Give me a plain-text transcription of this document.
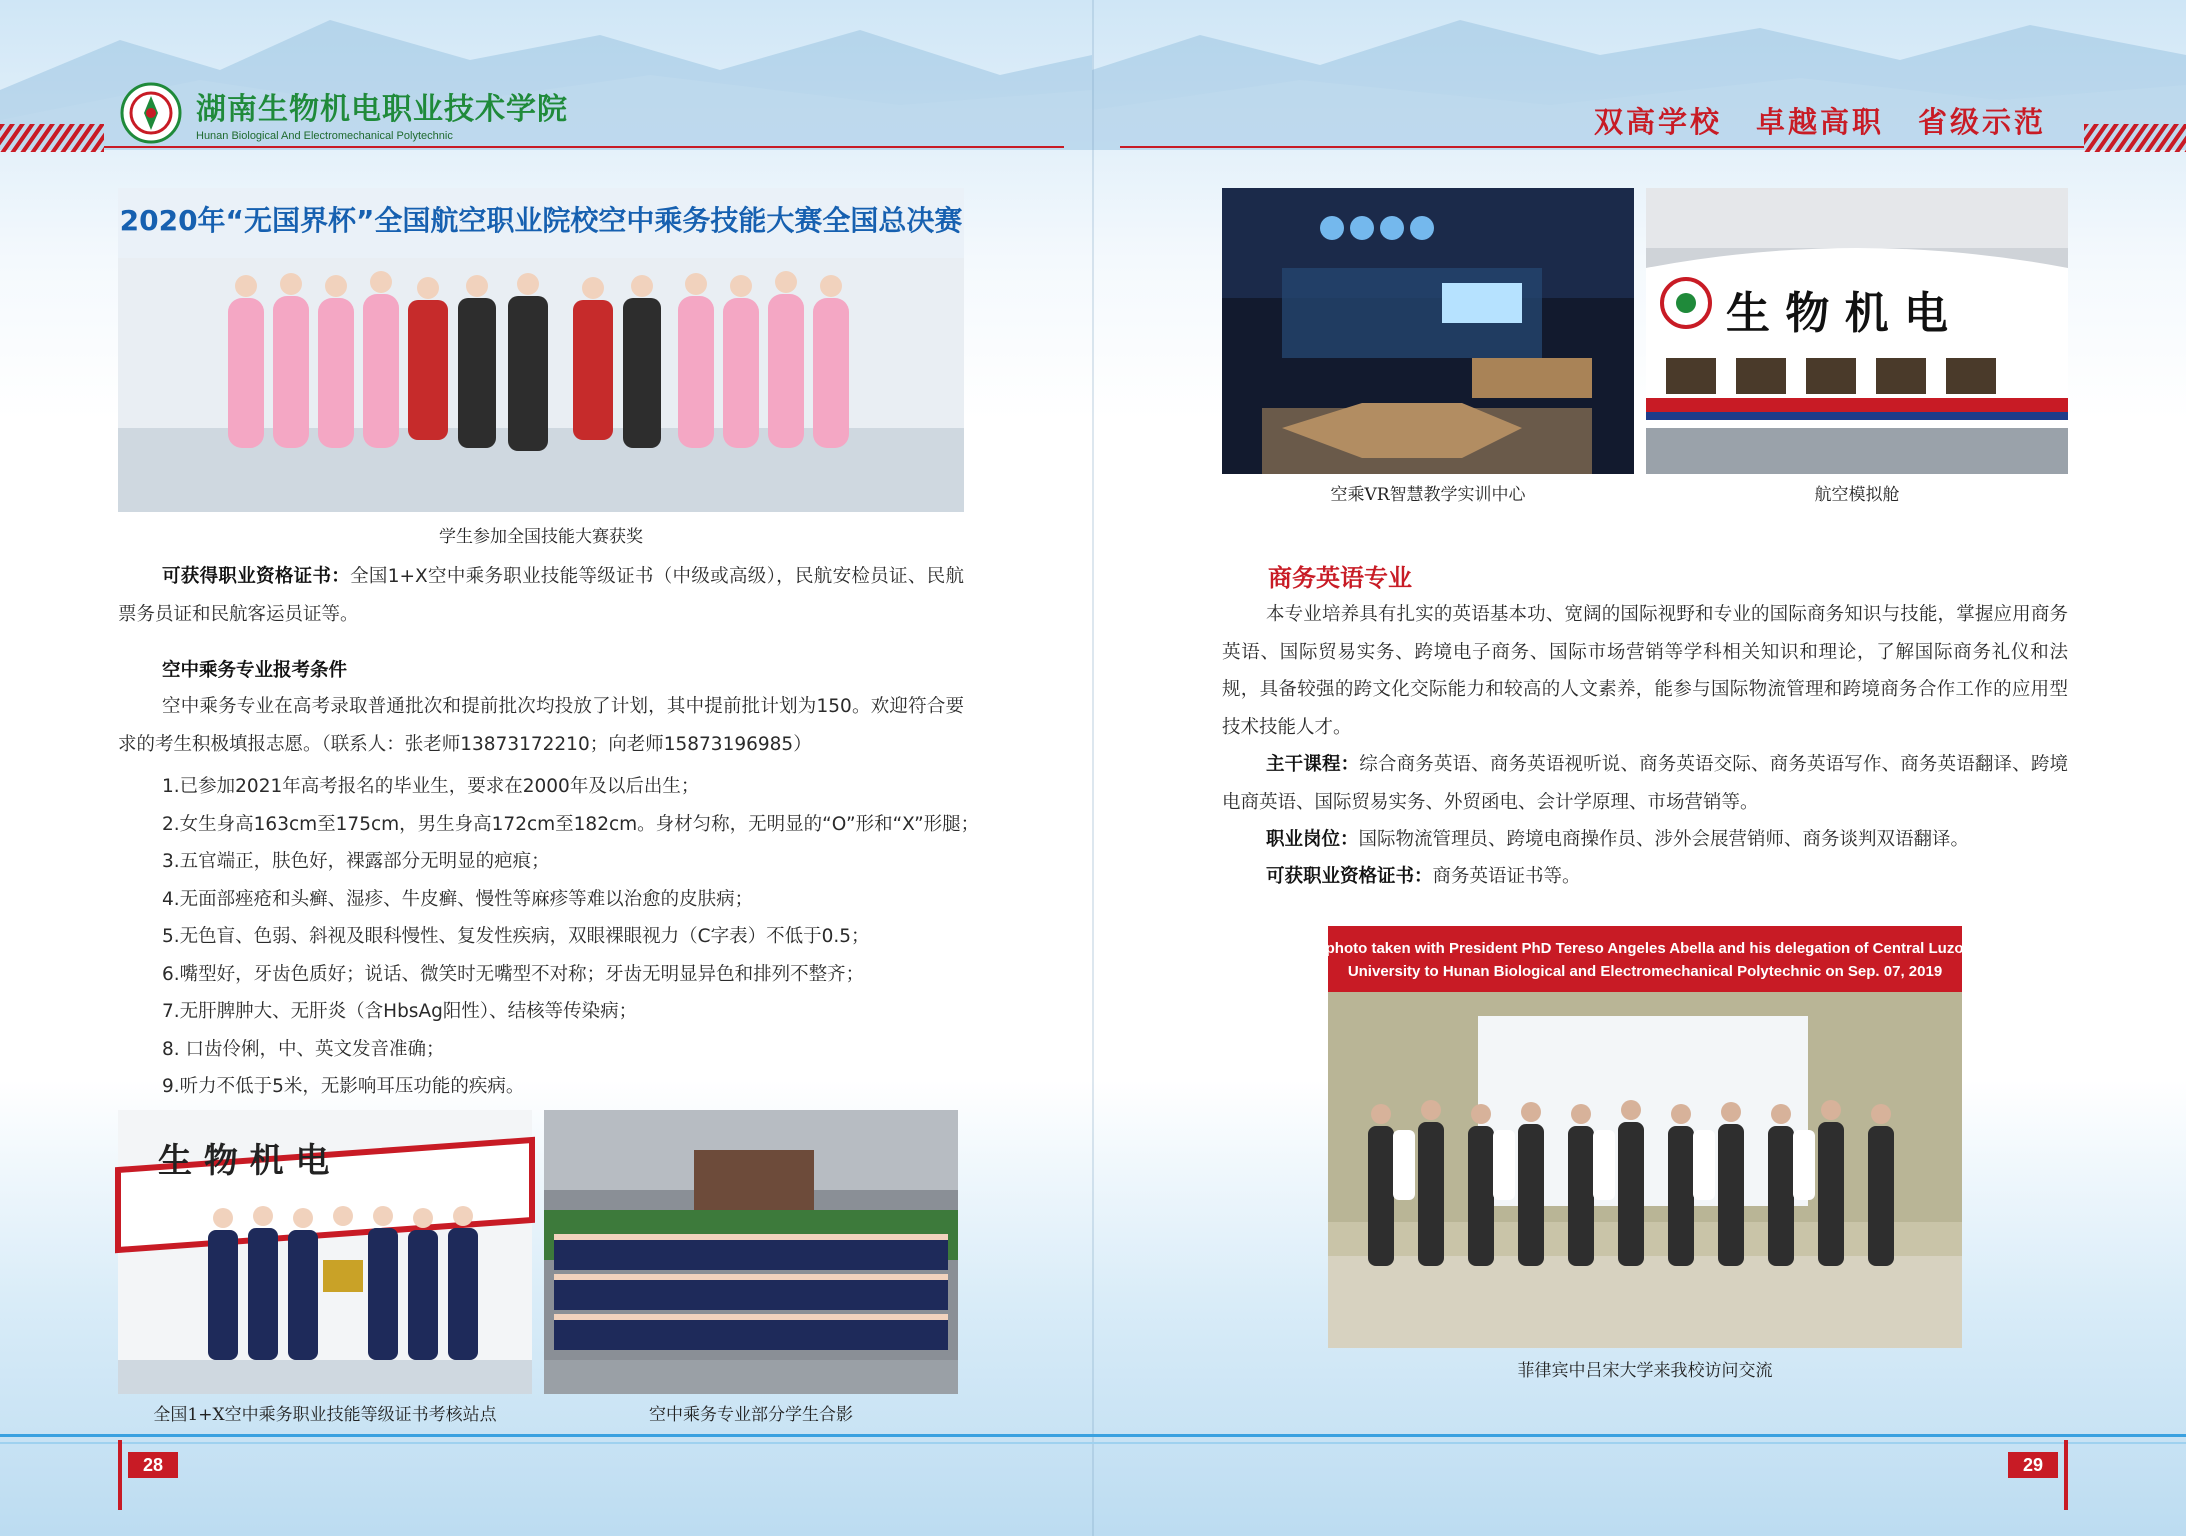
湖南生物机电职业技术学院
Hunan Biological And Electromechanical Polytechnic	双高学校 卓越高职 省级示范
2020年“无国界杯”全国航空职业院校空中乘务技能大赛全国总决赛
学生参加全国技能大赛获奖
可获得职业资格证书：全国1+X空中乘务职业技能等级证书（中级或高级），民航安检员证、民航票务员证和民航客运员证等。
空中乘务专业报考条件
空中乘务专业在高考录取普通批次和提前批次均投放了计划，其中提前批计划为150。欢迎符合要求的考生积极填报志愿。（联系人：张老师13873172210；向老师15873196985）
1.已参加2021年高考报名的毕业生，要求在2000年及以后出生；
2.女生身高163cm至175cm，男生身高172cm至182cm。身材匀称，无明显的“O”形和“X”形腿；
3.五官端正，肤色好，裸露部分无明显的疤痕；
4.无面部痤疮和头癣、湿疹、牛皮癣、慢性等麻疹等难以治愈的皮肤病；
5.无色盲、色弱、斜视及眼科慢性、复发性疾病，双眼裸眼视力（C字表）不低于0.5；
6.嘴型好，牙齿色质好；说话、微笑时无嘴型不对称；牙齿无明显异色和排列不整齐；
7.无肝脾肿大、无肝炎（含HbsAg阳性）、结核等传染病；
8. 口齿伶俐，中、英文发音准确；
9.听力不低于5米，无影响耳压功能的疾病。
生 物 机 电
全国1+X空中乘务职业技能等级证书考核站点	空中乘务专业部分学生合影
空乘VR智慧教学实训中心
生 物 机 电
航空模拟舱
商务英语专业
本专业培养具有扎实的英语基本功、宽阔的国际视野和专业的国际商务知识与技能，掌握应用商务英语、国际贸易实务、跨境电子商务、国际市场营销等学科相关知识和理论，了解国际商务礼仪和法规，具备较强的跨文化交际能力和较高的人文素养，能参与国际物流管理和跨境商务合作工作的应用型技术技能人才。
主干课程：综合商务英语、商务英语视听说、商务英语交际、商务英语写作、商务英语翻译、跨境电商英语、国际贸易实务、外贸函电、会计学原理、市场营销等。
职业岗位：国际物流管理员、跨境电商操作员、涉外会展营销师、商务谈判双语翻译。
可获职业资格证书：商务英语证书等。
Group photo taken with President PhD Tereso Angeles Abella and his delegation of Central Luzon State
University to Hunan Biological and Electromechanical Polytechnic on Sep. 07, 2019
菲律宾中吕宋大学来我校访问交流
28	29
